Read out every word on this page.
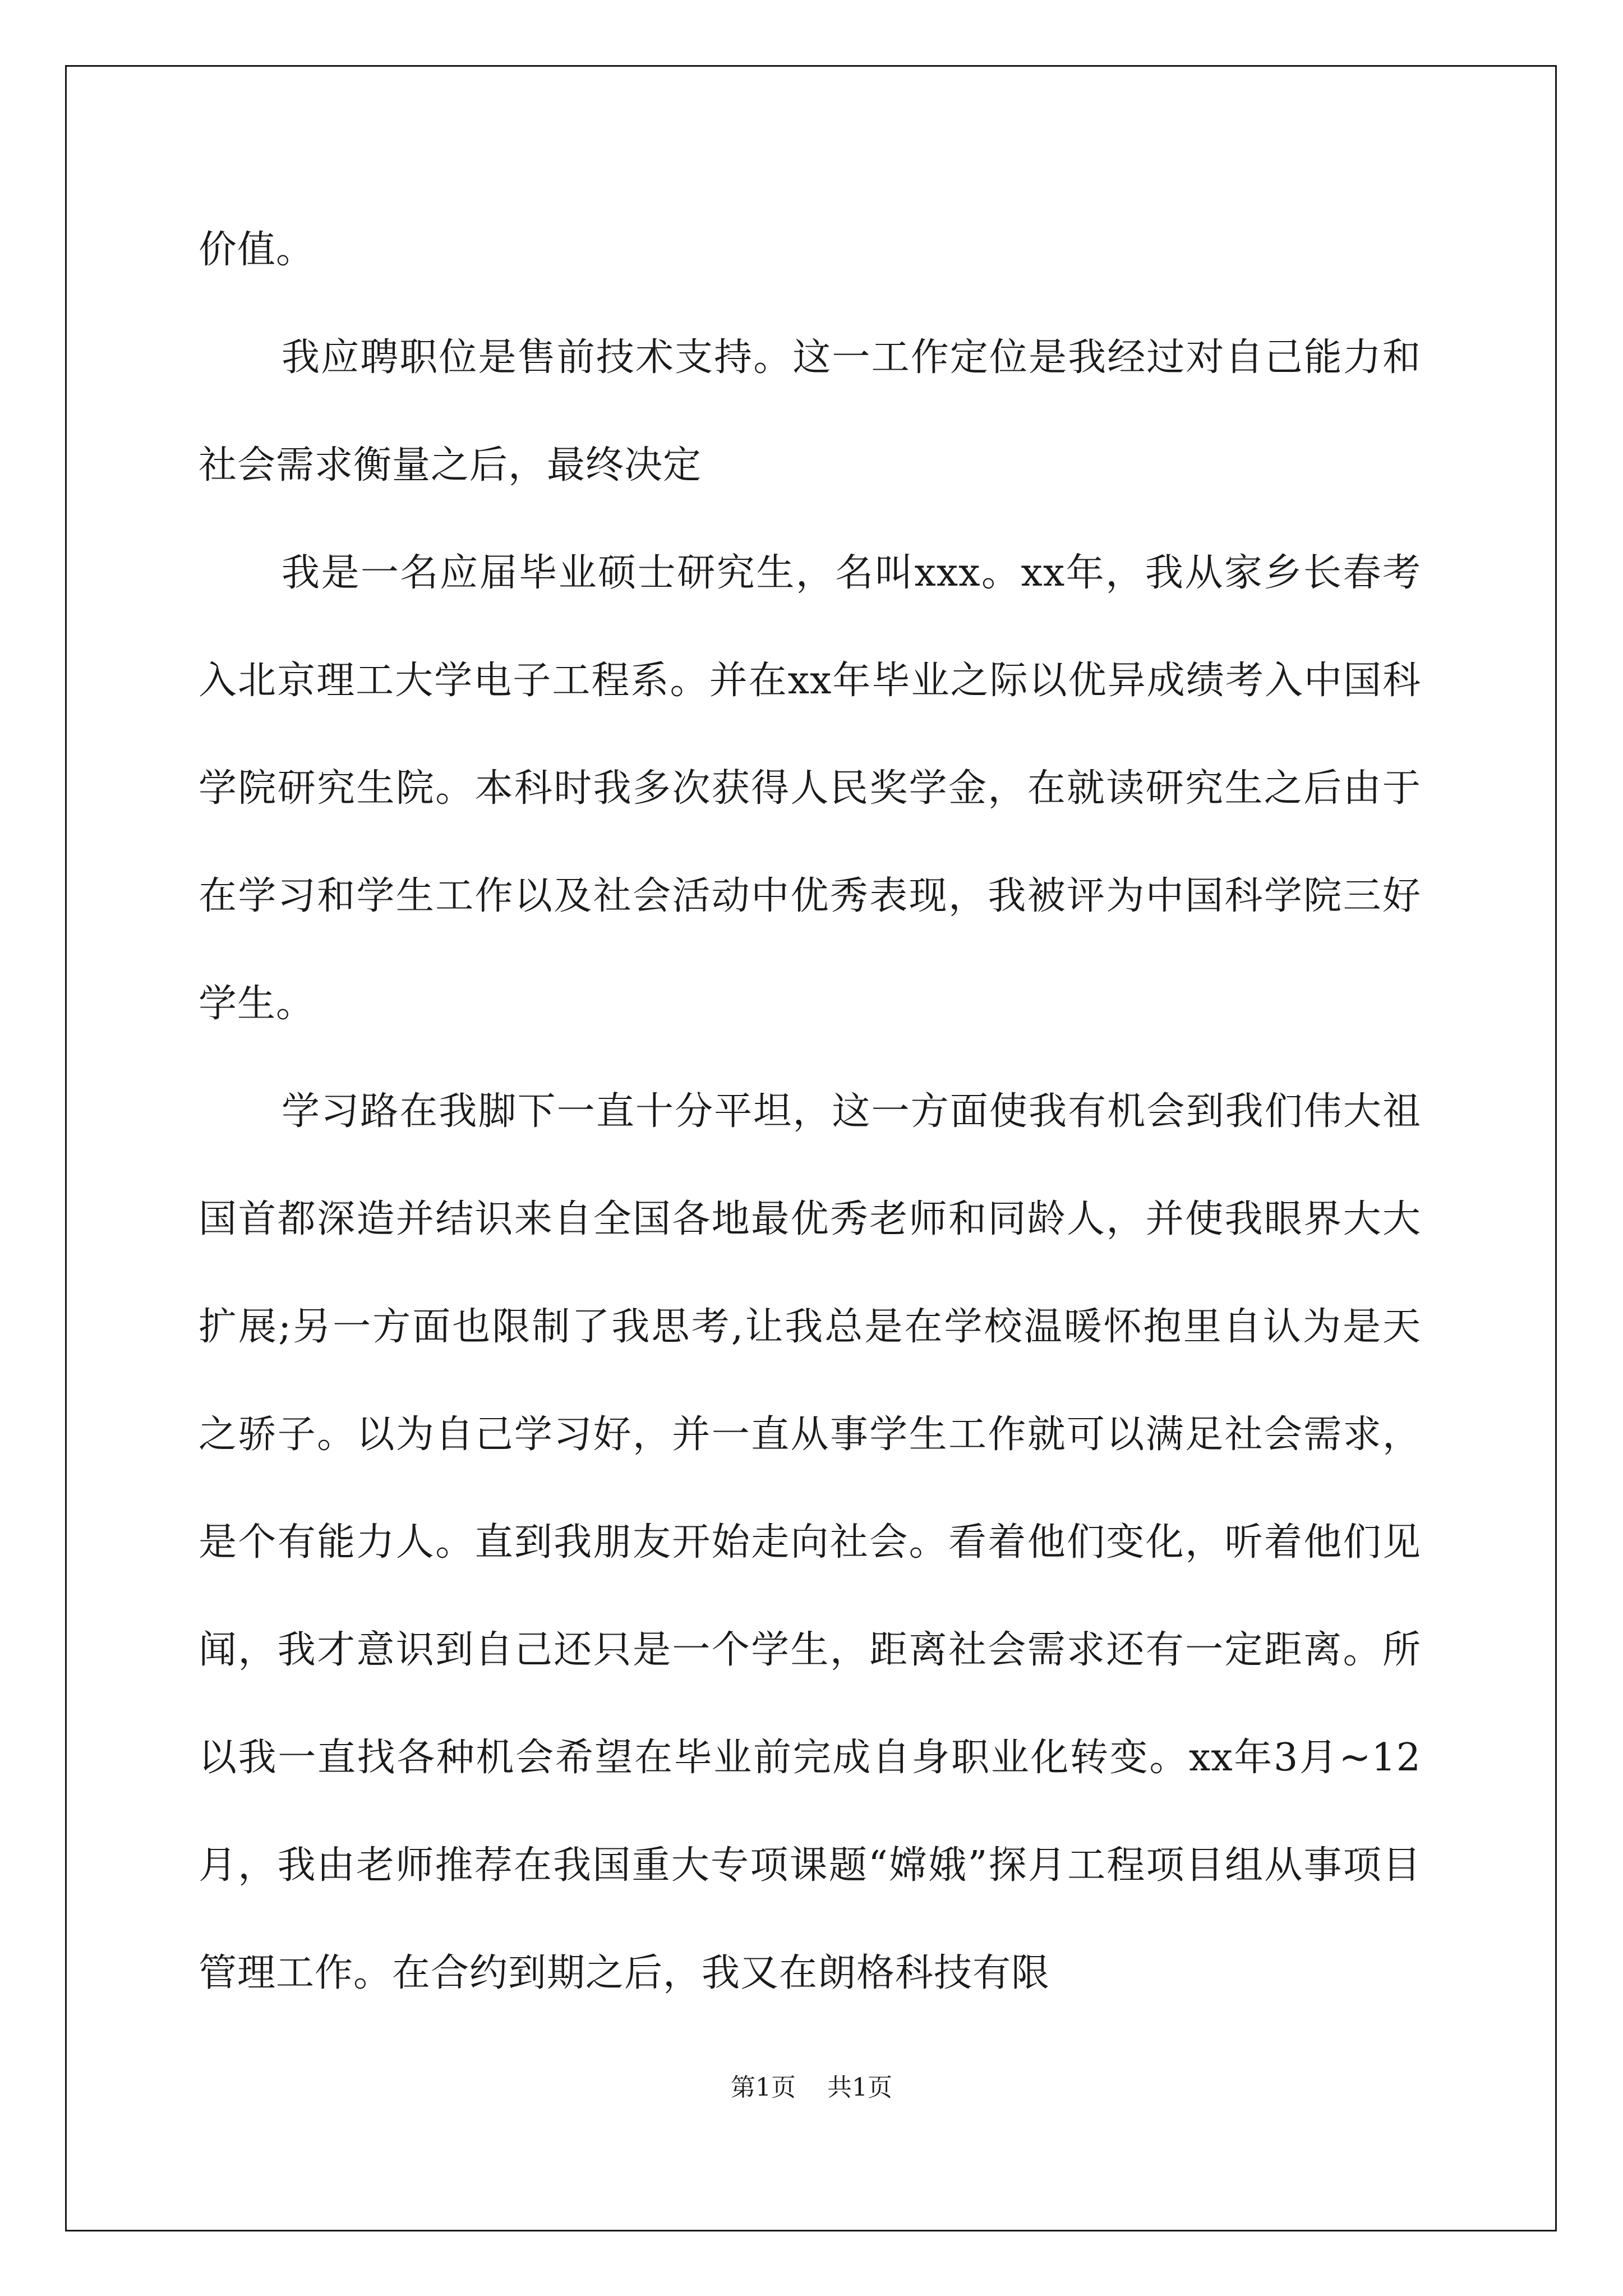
价值。

我应聘职位是售前技术支持。这一工作定位是我经过对自己能力和社会需求衡量之后，最终决定

我是一名应届毕业硕士研究生，名叫xxx。xx年，我从家乡长春考入北京理工大学电子工程系。并在xx年毕业之际以优异成绩考入中国科学院研究生院。本科时我多次获得人民奖学金，在就读研究生之后由于在学习和学生工作以及社会活动中优秀表现，我被评为中国科学院三好学生。

学习路在我脚下一直十分平坦，这一方面使我有机会到我们伟大祖国首都深造并结识来自全国各地最优秀老师和同龄人，并使我眼界大大扩展;另一方面也限制了我思考,让我总是在学校温暖怀抱里自认为是天之骄子。以为自己学习好，并一直从事学生工作就可以满足社会需求，是个有能力人。直到我朋友开始走向社会。看着他们变化，听着他们见闻，我才意识到自己还只是一个学生，距离社会需求还有一定距离。所以我一直找各种机会希望在毕业前完成自身职业化转变。xx年3月~12月，我由老师推荐在我国重大专项课题“嫦娥”探月工程项目组从事项目管理工作。在合约到期之后，我又在朗格科技有限

第1页 共1页
